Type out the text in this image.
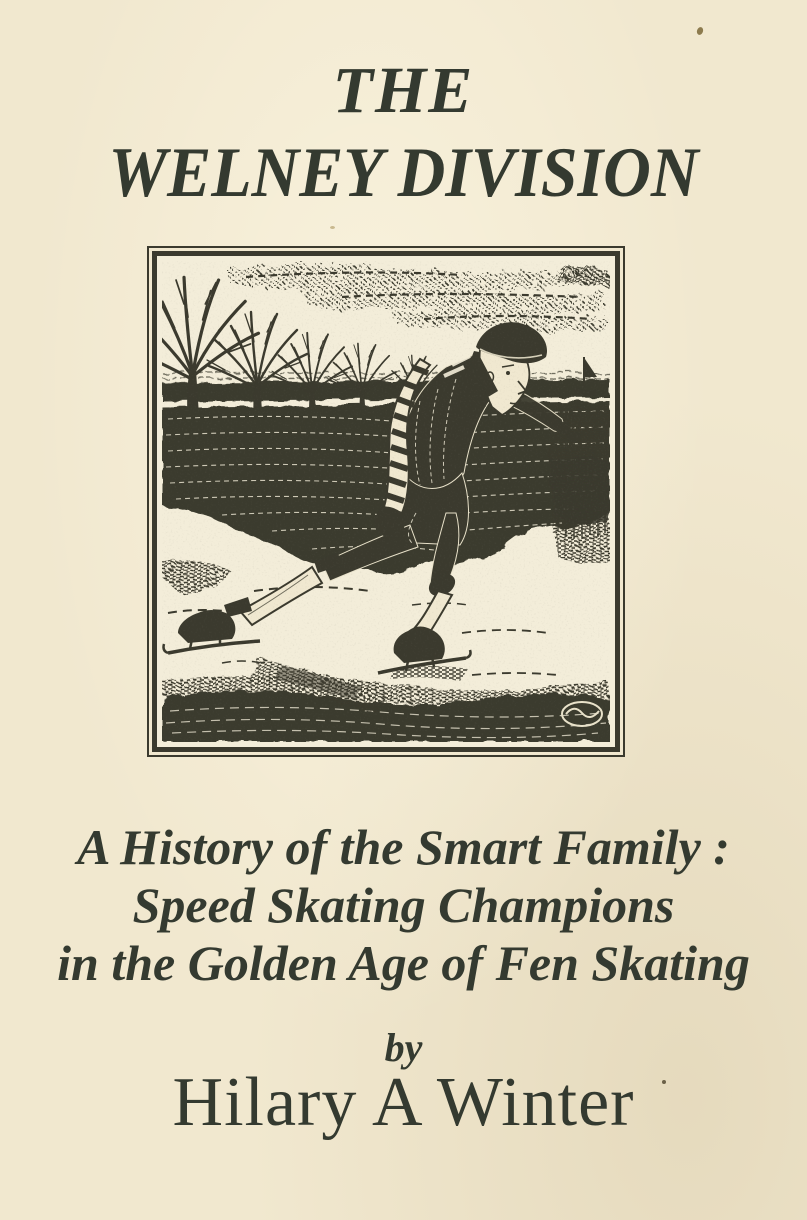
THE
WELNEY DIVISION

A History of the Smart Family :
Speed Skating Champions
in the Golden Age of Fen Skating

by

Hilary A Winter
